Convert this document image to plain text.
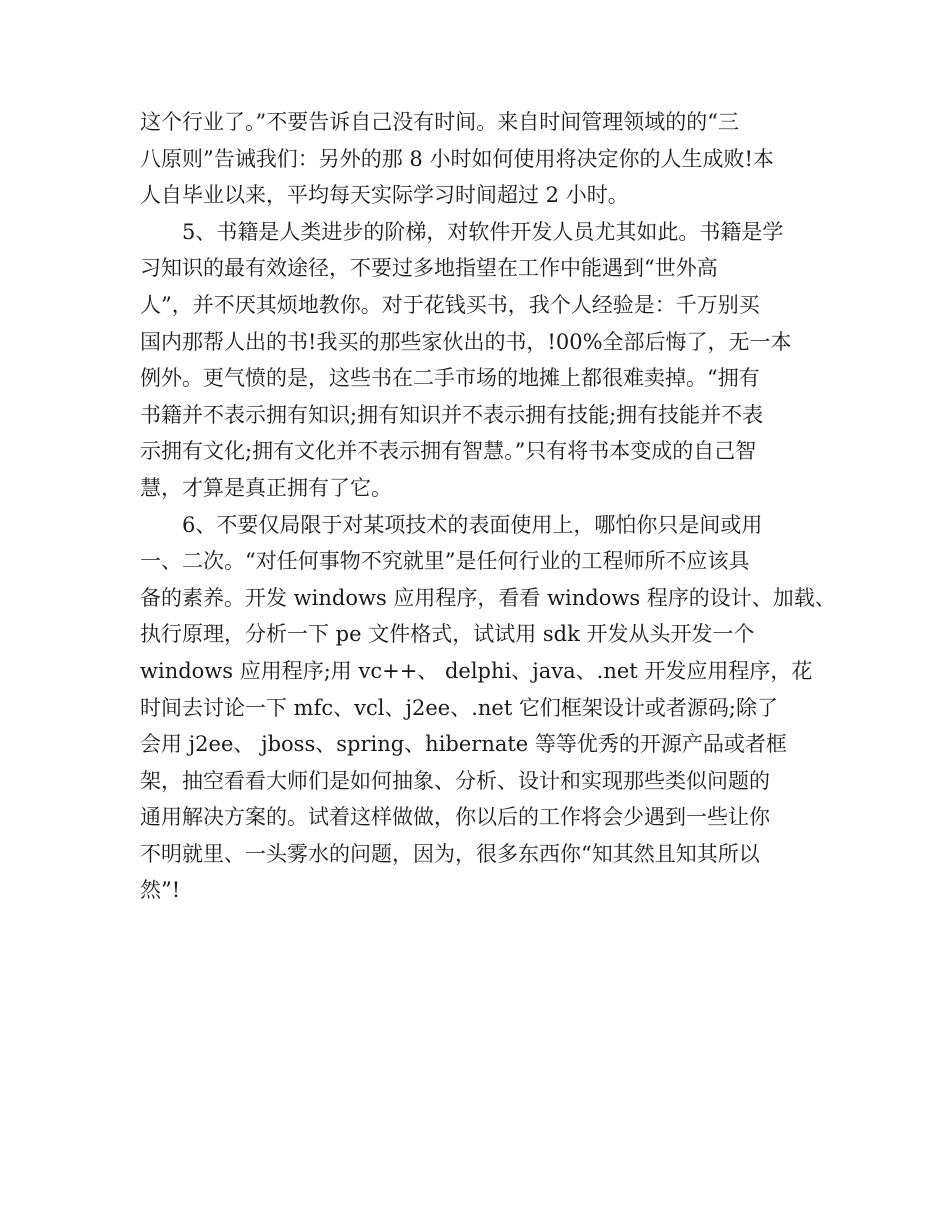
这个行业了。”不要告诉自己没有时间。来自时间管理领域的的“三
八原则”告诫我们：另外的那 8 小时如何使用将决定你的人生成败!本
人自毕业以来，平均每天实际学习时间超过 2 小时。
5、书籍是人类进步的阶梯，对软件开发人员尤其如此。书籍是学
习知识的最有效途径，不要过多地指望在工作中能遇到“世外高
人”，并不厌其烦地教你。对于花钱买书，我个人经验是：千万别买
国内那帮人出的书!我买的那些家伙出的书，!00%全部后悔了，无一本
例外。更气愤的是，这些书在二手市场的地摊上都很难卖掉。“拥有
书籍并不表示拥有知识;拥有知识并不表示拥有技能;拥有技能并不表
示拥有文化;拥有文化并不表示拥有智慧。”只有将书本变成的自己智
慧，才算是真正拥有了它。
6、不要仅局限于对某项技术的表面使用上，哪怕你只是间或用
一、二次。“对任何事物不究就里”是任何行业的工程师所不应该具
备的素养。开发 windows 应用程序，看看 windows 程序的设计、加载、
执行原理，分析一下 pe 文件格式，试试用 sdk 开发从头开发一个
windows 应用程序;用 vc++、 delphi、java、.net 开发应用程序，花
时间去讨论一下 mfc、vcl、j2ee、.net 它们框架设计或者源码;除了
会用 j2ee、 jboss、spring、hibernate 等等优秀的开源产品或者框
架，抽空看看大师们是如何抽象、分析、设计和实现那些类似问题的
通用解决方案的。试着这样做做，你以后的工作将会少遇到一些让你
不明就里、一头雾水的问题，因为，很多东西你“知其然且知其所以
然”!
